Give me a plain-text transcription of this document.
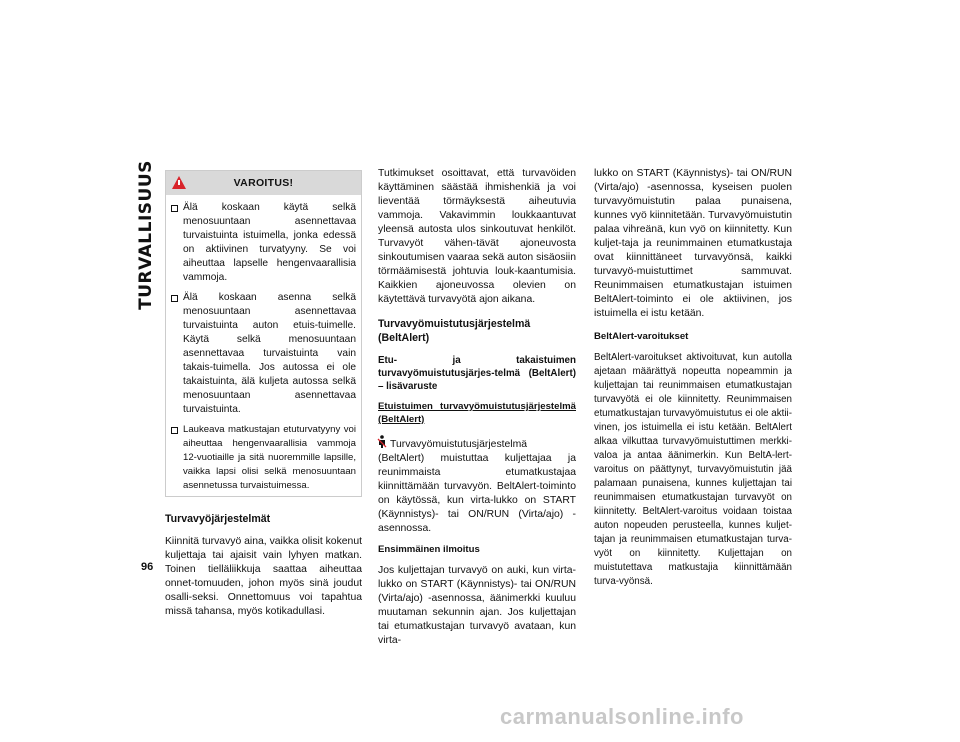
TURVALLISUUS
96
VAROITUS!
Älä koskaan käytä selkä menosuuntaan asennettavaa turvaistuinta istuimella, jonka edessä on aktiivinen turvatyyny. Se voi aiheuttaa lapselle hengenvaarallisia vammoja.
Älä koskaan asenna selkä menosuuntaan asennettavaa turvaistuinta auton etuis-tuimelle. Käytä selkä menosuuntaan asennettavaa turvaistuinta vain takais-tuimella. Jos autossa ei ole takaistuinta, älä kuljeta autossa selkä menosuuntaan asennettavaa turvaistuinta.
Laukeava matkustajan etuturvatyyny voi aiheuttaa hengenvaarallisia vammoja 12-vuotiaille ja sitä nuoremmille lapsille, vaikka lapsi olisi selkä menosuuntaan asennetussa turvaistuimessa.
Turvavyöjärjestelmät

Kiinnitä turvavyö aina, vaikka olisit kokenut kuljettaja tai ajaisit vain lyhyen matkan. Toinen tielläliikkuja saattaa aiheuttaa onnet-tomuuden, johon myös sinä joudut osalli-seksi. Onnettomuus voi tapahtua missä tahansa, myös kotikadullasi.

Tutkimukset osoittavat, että turvavöiden käyttäminen säästää ihmishenkiä ja voi lieventää törmäyksestä aiheutuvia vammoja. Vakavimmin loukkaantuvat yleensä autosta ulos sinkoutuvat henkilöt. Turvavyöt vähen-tävät ajoneuvosta sinkoutumisen vaaraa sekä auton sisäosiin törmäämisestä johtuvia louk-kaantumisia. Kaikkien ajoneuvossa olevien on käytettävä turvavyötä ajon aikana.

Turvavyömuistutusjärjestelmä (BeltAlert)
Etu- ja takaistuimen turvavyömuistutusjärjes-telmä (BeltAlert) – lisävaruste
Etuistuimen turvavyömuistutusjärjestelmä (BeltAlert)

Turvavyömuistutusjärjestelmä (BeltAlert) muistuttaa kuljettajaa ja reunimmaista etumatkustajaa kiinnittämään turvavyön. BeltAlert-toiminto on käytössä, kun virta-lukko on START (Käynnistys)- tai ON/RUN (Virta/ajo) -asennossa.

Ensimmäinen ilmoitus

Jos kuljettajan turvavyö on auki, kun virta-lukko on START (Käynnistys)- tai ON/RUN (Virta/ajo) -asennossa, äänimerkki kuuluu muutaman sekunnin ajan. Jos kuljettajan tai etumatkustajan turvavyö avataan, kun virta-

lukko on START (Käynnistys)- tai ON/RUN (Virta/ajo) -asennossa, kyseisen puolen turvavyömuistutin palaa punaisena, kunnes vyö kiinnitetään. Turvavyömuistutin palaa vihreänä, kun vyö on kiinnitetty. Kun kuljet-taja ja reunimmainen etumatkustaja ovat kiinnittäneet turvavyönsä, kaikki turvavyö-muistuttimet sammuvat. Reunimmaisen etumatkustajan istuimen BeltAlert-toiminto ei ole aktiivinen, jos istuimella ei istu ketään.

BeltAlert-varoitukset

BeltAlert-varoitukset aktivoituvat, kun autolla ajetaan määrättyä nopeutta nopeammin ja kuljettajan tai reunimmaisen etumatkustajan turvavyötä ei ole kiinnitetty. Reunimmaisen etumatkustajan turvavyömuistutus ei ole aktii-vinen, jos istuimella ei istu ketään. BeltAlert alkaa vilkuttaa turvavyömuistuttimen merkki-valoa ja antaa äänimerkin. Kun BeltA-lert-varoitus on päättynyt, turvavyömuistutin jää palamaan punaisena, kunnes kuljettajan tai reunimmaisen etumatkustajan turvavyöt on kiinnitetty. BeltAlert-varoitus voidaan toistaa auton nopeuden perusteella, kunnes kuljet-tajan ja reunimmaisen etumatkustajan turva-vyöt on kiinnitetty. Kuljettajan on muistutettava matkustajia kiinnittämään turva-vyönsä.

carmanualsonline.info
